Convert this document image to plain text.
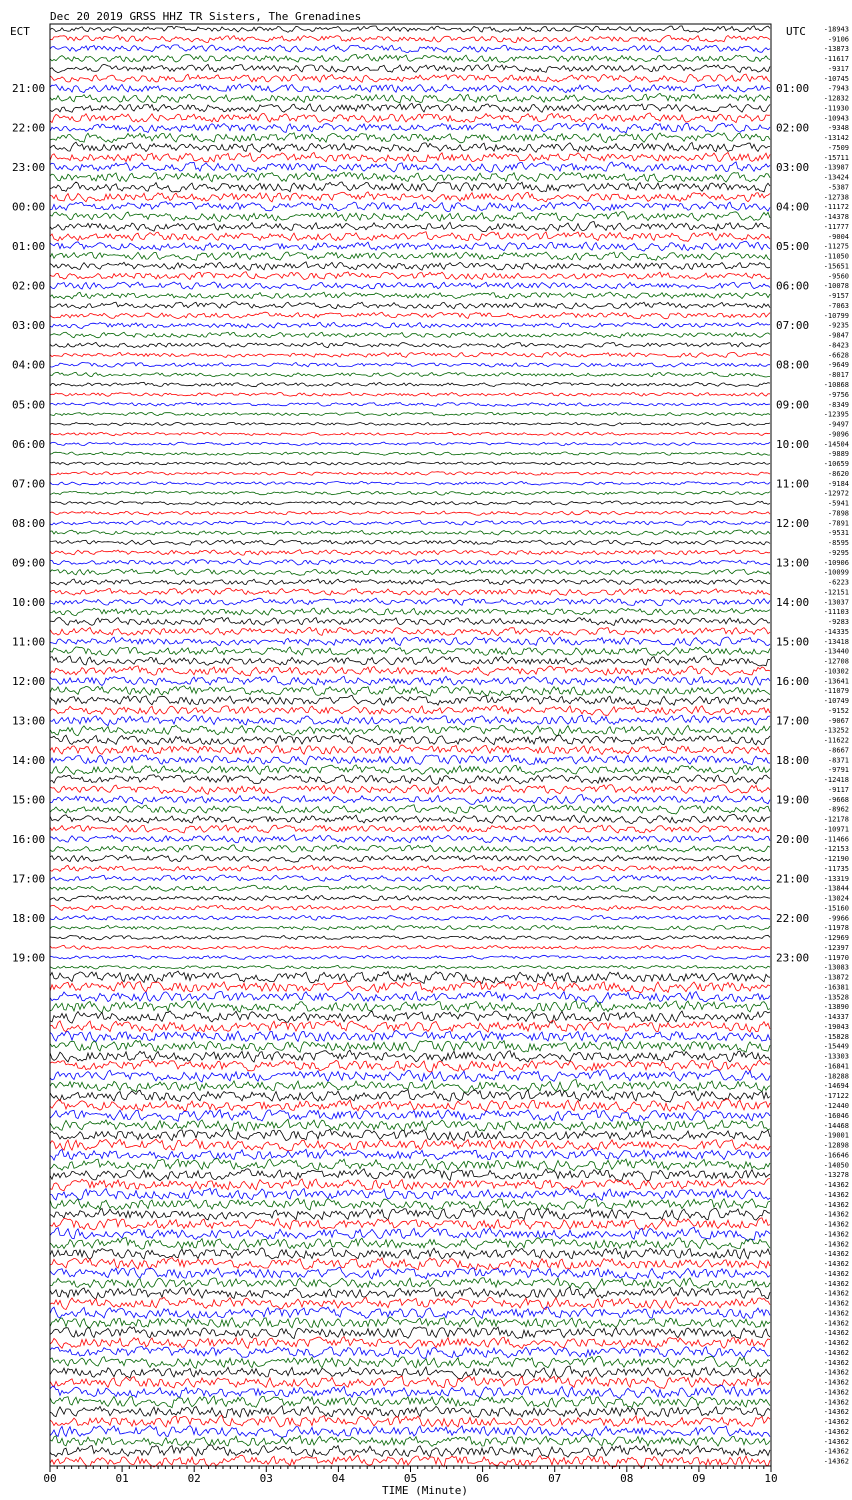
Dec 20 2019 GRSS HHZ TR Sisters, The Grenadines
ECT	UTC
21:00
22:00
23:00
00:00
01:00
02:00
03:00
04:00
05:00
06:00
07:00
08:00
09:00
10:00
11:00
12:00
13:00
14:00
15:00
16:00
17:00
18:00
19:00
01:00
02:00
03:00
04:00
05:00
06:00
07:00
08:00
09:00
10:00
11:00
12:00
13:00
14:00
15:00
16:00
17:00
18:00
19:00
20:00
21:00
22:00
23:00
-18943
-9106
-13873
-11617
-9317
-10745
-7943
-12832
-11930
-10943
-9348
-13142
-7509
-15711
-13987
-13424
-5387
-12738
-11172
-14378
-11777
-9004
-11275
-11050
-15651
-9560
-10078
-9157
-7063
-10799
-9235
-9847
-8423
-6628
-9649
-8017
-10868
-9756
-8349
-12395
-9497
-9096
-14504
-9889
-10659
-8620
-9184
-12972
-5941
-7898
-7891
-9531
-8595
-9295
-10906
-10099
-6223
-12151
-13037
-11103
-9283
-14335
-13418
-13440
-12708
-10302
-13641
-11079
-10749
-9152
-9067
-13252
-11622
-8667
-8371
-9791
-12418
-9117
-9668
-8962
-12178
-10971
-11466
-12153
-12190
-11735
-13319
-13844
-13024
-15160
-9966
-11978
-12969
-12397
-11970
-13083
-13872
-16381
-13528
-13890
-14337
-19043
-15828
-15449
-13303
-16841
-18288
-14694
-17122
-12440
-16046
-14468
-19001
-12898
-16646
-14050
-13278
-14362
-14362
-14362
-14362
-14362
-14362
-14362
-14362
-14362
-14362
-14362
-14362
-14362
-14362
-14362
-14362
-14362
-14362
-14362
-14362
-14362
-14362
-14362
-14362
-14362
-14362
-14362
-14362
-14362
00	01	02	03	04	05	06	07	08	09	10
TIME (Minute)
